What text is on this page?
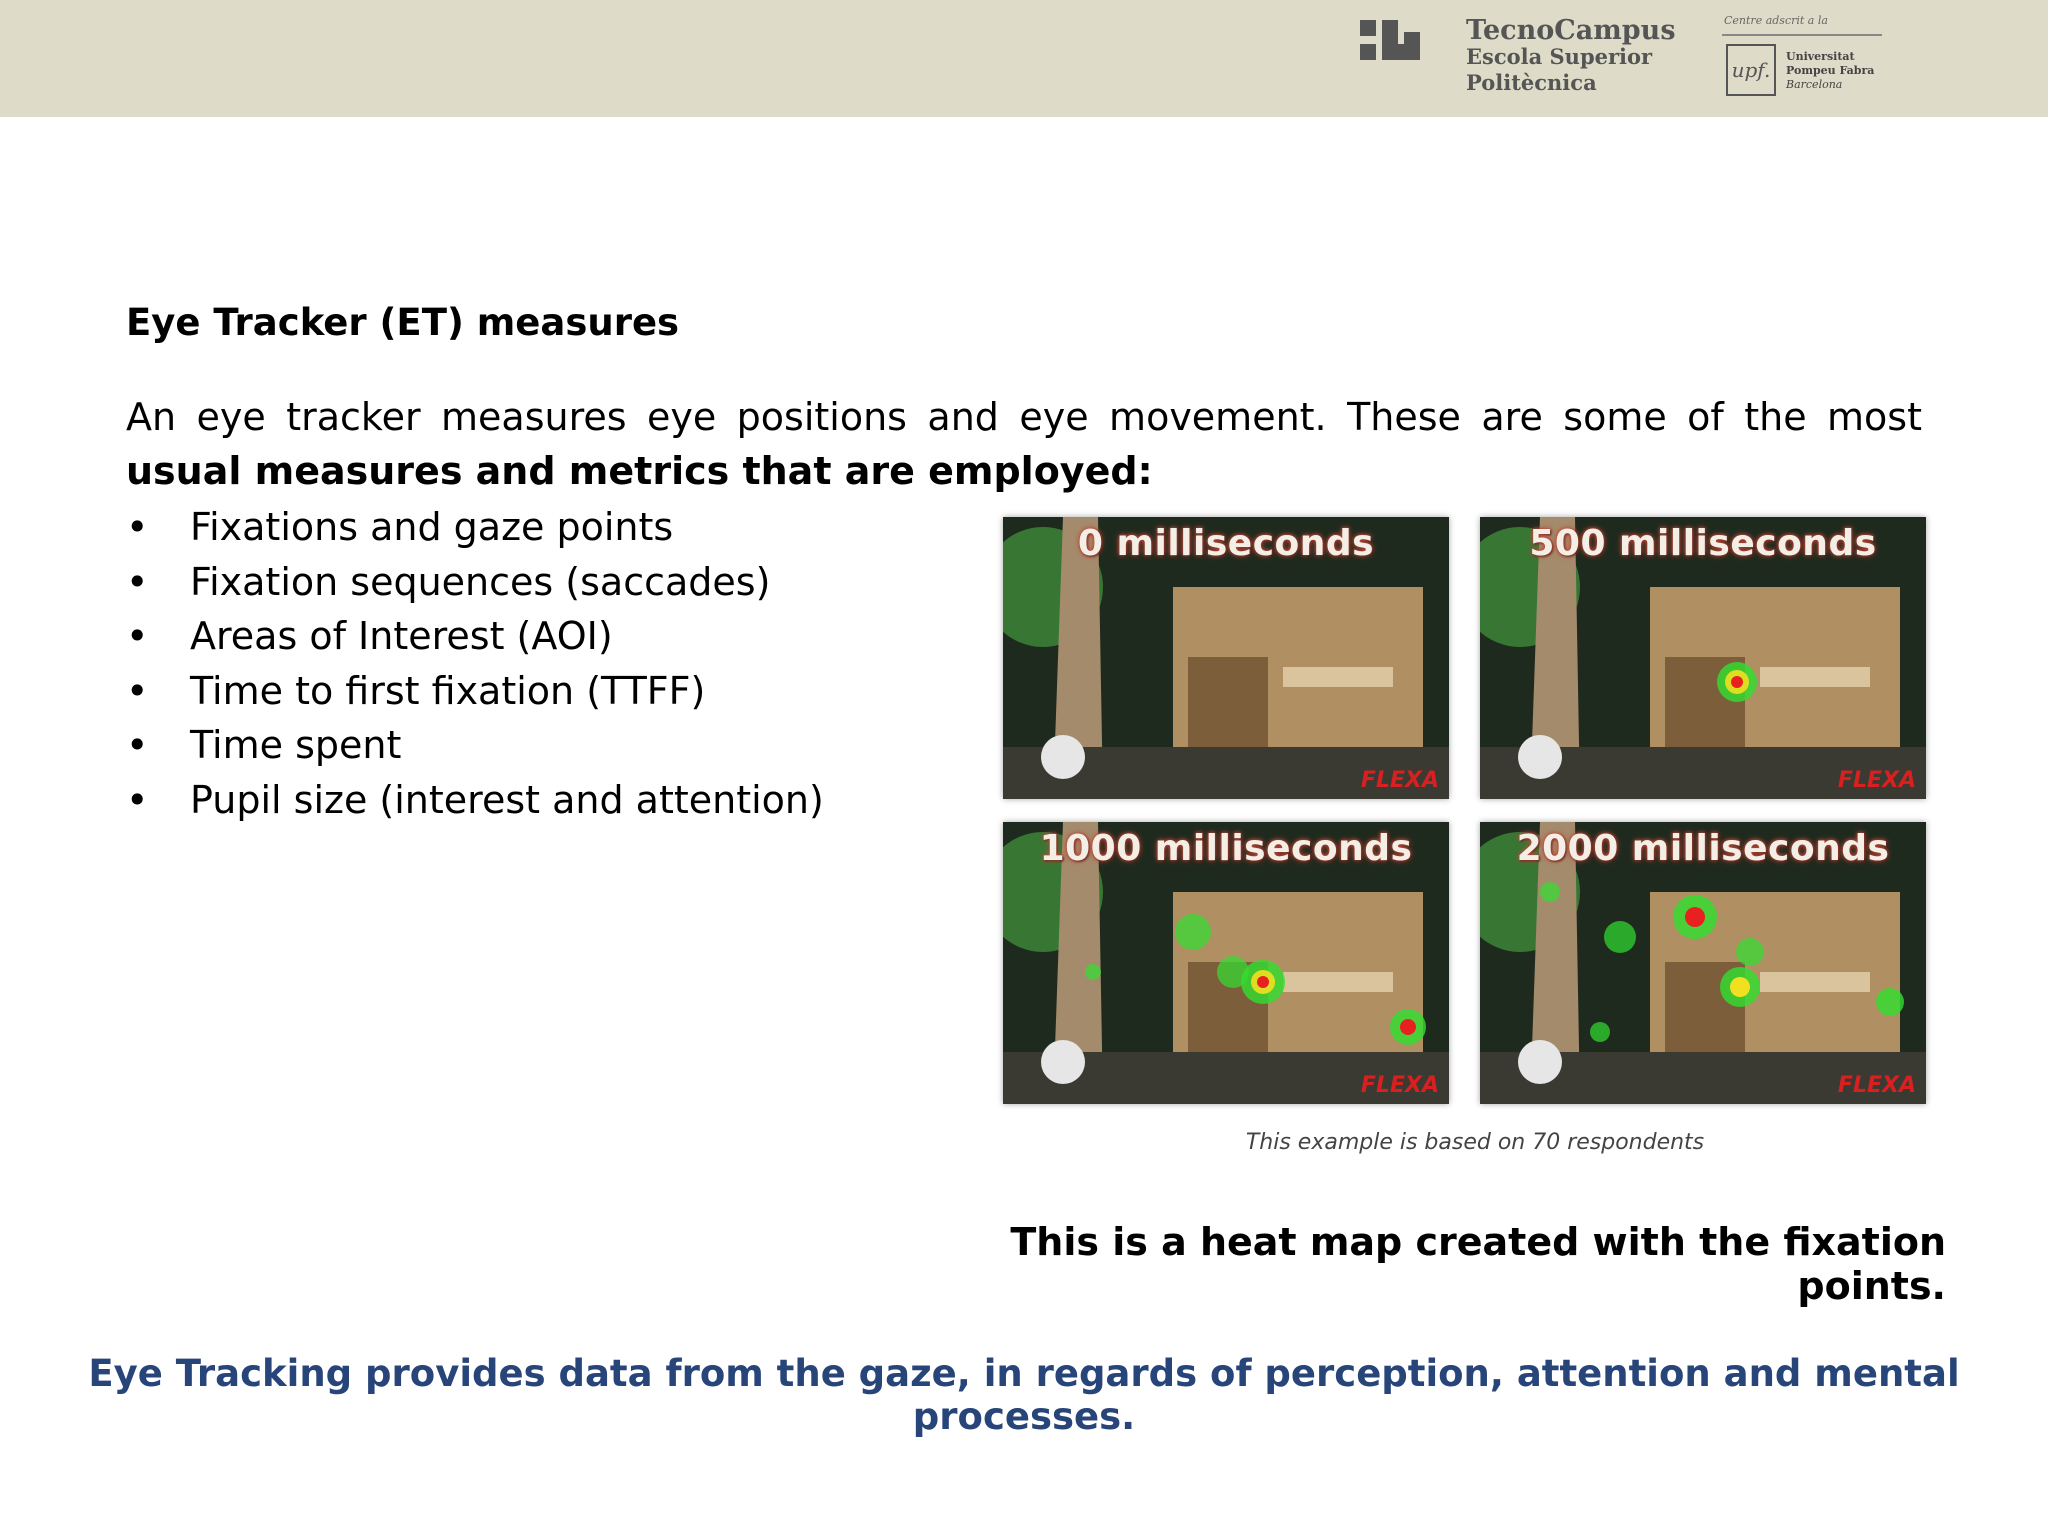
TecnoCampus
Escola Superior
Politècnica
Centre adscrit a la
upf.
Universitat
Pompeu Fabra
Barcelona
Eye Tracker (ET) measures

An eye tracker measures eye positions and eye movement. These are some of the most usual measures and metrics that are employed:

• Fixations and gaze points
• Fixation sequences (saccades)
• Areas of Interest (AOI)
• Time to first fixation (TTFF)
• Time spent
• Pupil size (interest and attention)
0 milliseconds
FLEXA
500 milliseconds
FLEXA
1000 milliseconds
FLEXA
2000 milliseconds
FLEXA
This example is based on 70 respondents

This is a heat map created with the fixation points.

Eye Tracking provides data from the gaze, in regards of perception, attention and mental processes.
